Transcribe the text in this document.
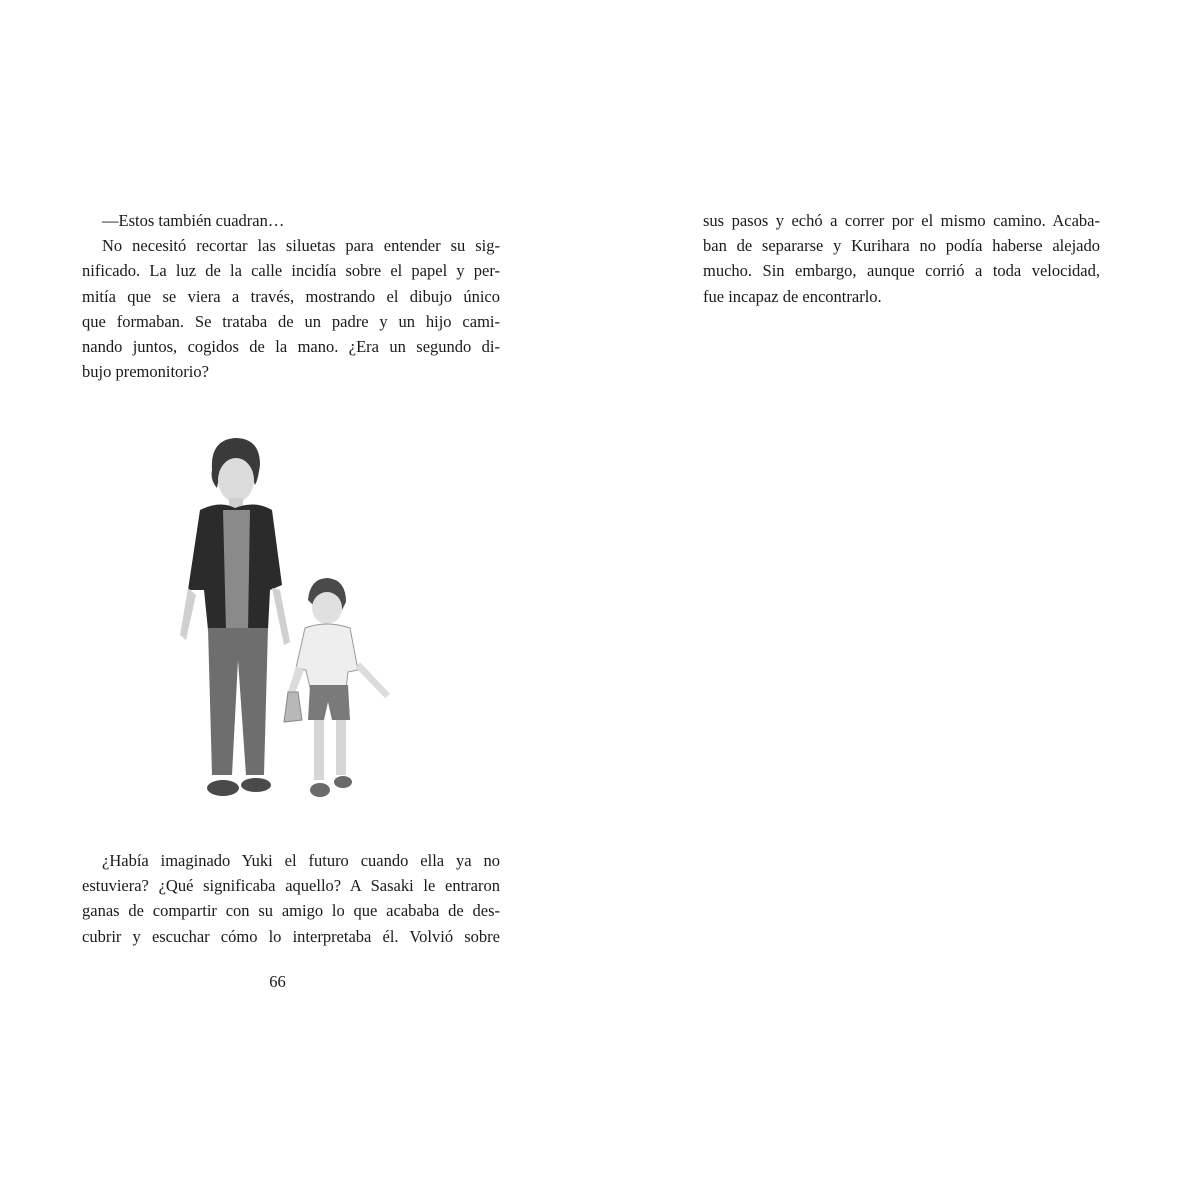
—Estos también cuadran…
No necesitó recortar las siluetas para entender su sig-
nificado. La luz de la calle incidía sobre el papel y per-
mitía que se viera a través, mostrando el dibujo único
que formaban. Se trataba de un padre y un hijo cami-
nando juntos, cogidos de la mano. ¿Era un segundo di-
bujo premonitorio?
¿Había imaginado Yuki el futuro cuando ella ya no
estuviera? ¿Qué significaba aquello? A Sasaki le entraron
ganas de compartir con su amigo lo que acababa de des-
cubrir y escuchar cómo lo interpretaba él. Volvió sobre
66
sus pasos y echó a correr por el mismo camino. Acaba-
ban de separarse y Kurihara no podía haberse alejado
mucho. Sin embargo, aunque corrió a toda velocidad,
fue incapaz de encontrarlo.
